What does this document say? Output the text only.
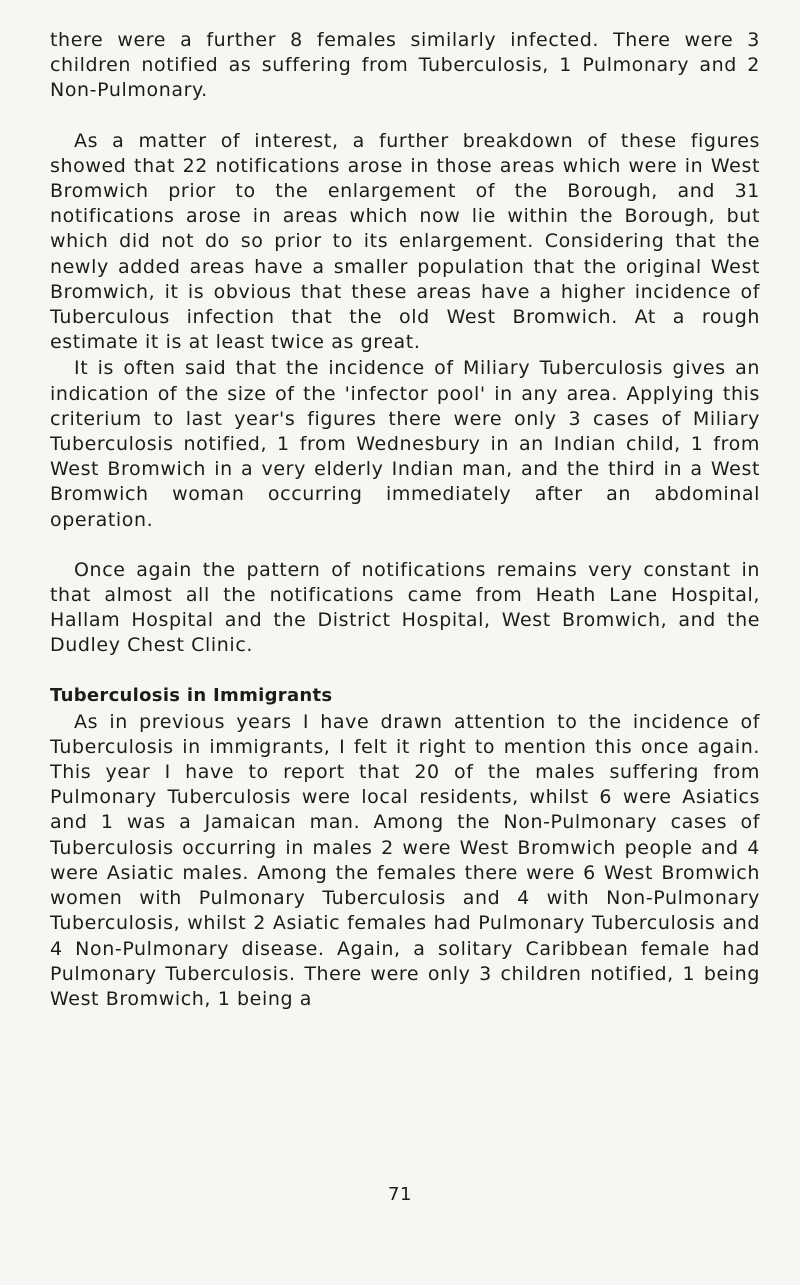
there were a further 8 females similarly infected. There were 3 children notified as suffering from Tuberculosis, 1 Pulmonary and 2 Non-Pulmonary.

As a matter of interest, a further breakdown of these figures showed that 22 notifications arose in those areas which were in West Bromwich prior to the enlargement of the Borough, and 31 notifications arose in areas which now lie within the Borough, but which did not do so prior to its enlargement. Considering that the newly added areas have a smaller population that the original West Bromwich, it is obvious that these areas have a higher incidence of Tuberculous infection that the old West Bromwich. At a rough estimate it is at least twice as great.

It is often said that the incidence of Miliary Tuberculosis gives an indication of the size of the 'infector pool' in any area. Applying this criterium to last year's figures there were only 3 cases of Miliary Tuberculosis notified, 1 from Wednesbury in an Indian child, 1 from West Bromwich in a very elderly Indian man, and the third in a West Bromwich woman occurring immediately after an abdominal operation.

Once again the pattern of notifications remains very constant in that almost all the notifications came from Heath Lane Hospital, Hallam Hospital and the District Hospital, West Bromwich, and the Dudley Chest Clinic.

Tuberculosis in Immigrants

As in previous years I have drawn attention to the incidence of Tuberculosis in immigrants, I felt it right to mention this once again. This year I have to report that 20 of the males suffering from Pulmonary Tuberculosis were local residents, whilst 6 were Asiatics and 1 was a Jamaican man. Among the Non-Pulmonary cases of Tuberculosis occurring in males 2 were West Bromwich people and 4 were Asiatic males. Among the females there were 6 West Bromwich women with Pulmonary Tuberculosis and 4 with Non-Pulmonary Tuberculosis, whilst 2 Asiatic females had Pulmonary Tuberculosis and 4 Non-Pulmonary disease. Again, a solitary Caribbean female had Pulmonary Tuberculosis. There were only 3 children notified, 1 being West Bromwich, 1 being a

71
